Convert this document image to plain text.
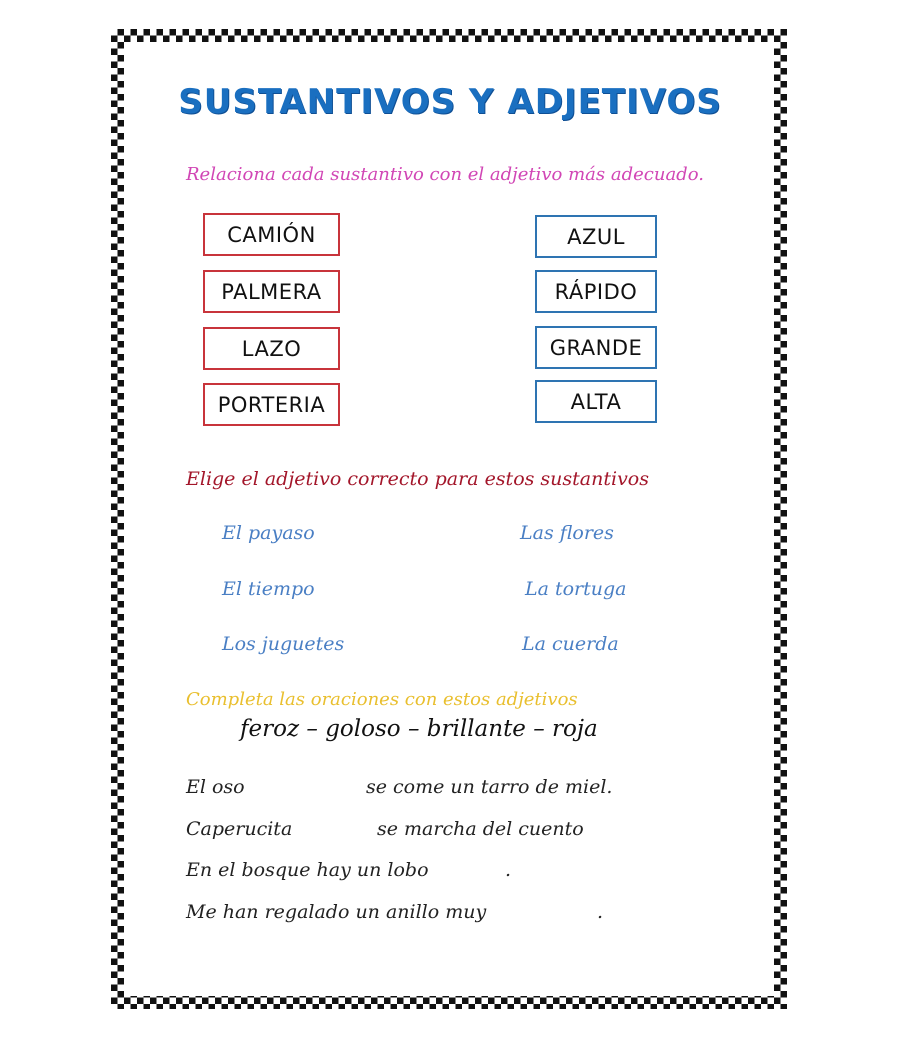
SUSTANTIVOS Y ADJETIVOS
Relaciona cada sustantivo con el adjetivo más adecuado.
CAMIÓN
PALMERA
LAZO
PORTERIA
AZUL
RÁPIDO
GRANDE
ALTA
Elige el adjetivo correcto para estos sustantivos
El payaso
El tiempo
Los juguetes
Las flores
La tortuga
La cuerda
Completa las oraciones con estos adjetivos
feroz – goloso – brillante – roja
El oso	se come un tarro de miel.
Caperucita	se marcha del cuento
En el bosque hay un lobo	.
Me han regalado un anillo muy	.
